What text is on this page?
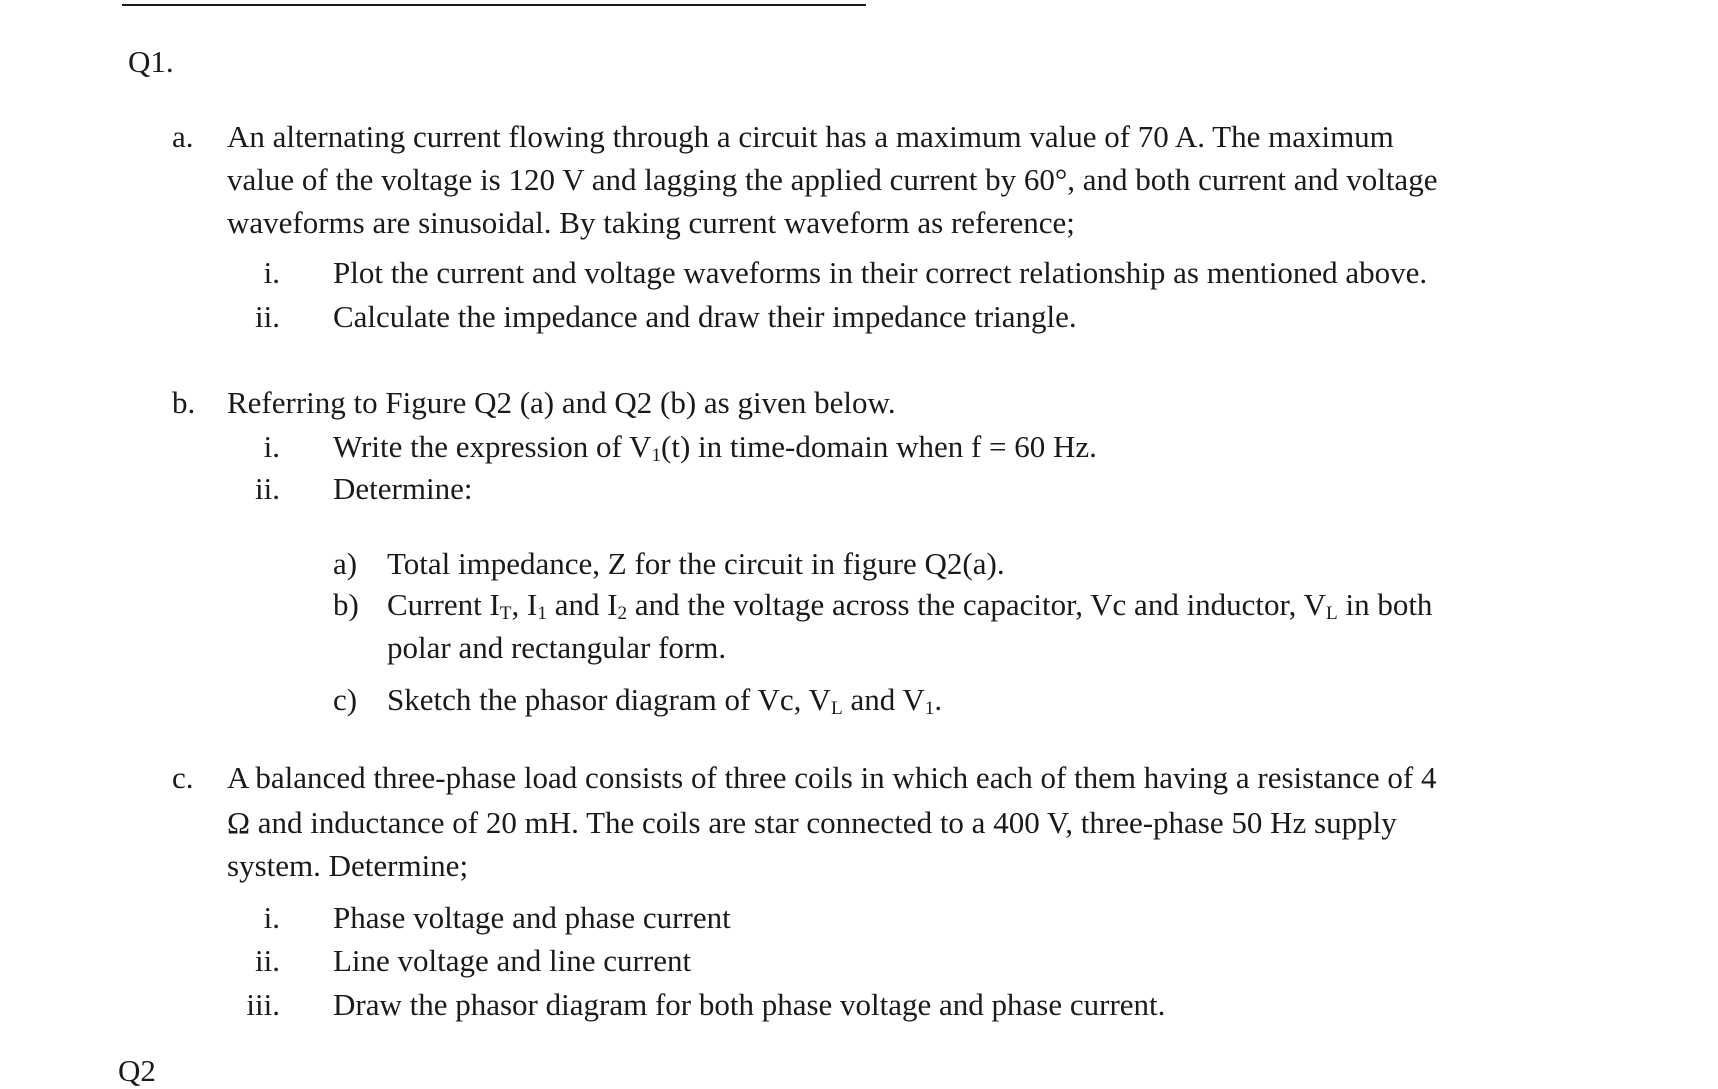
Q1.
a. An alternating current flowing through a circuit has a maximum value of 70 A. The maximum
value of the voltage is 120 V and lagging the applied current by 60°, and both current and voltage
waveforms are sinusoidal. By taking current waveform as reference;
i. Plot the current and voltage waveforms in their correct relationship as mentioned above.
ii. Calculate the impedance and draw their impedance triangle.
b. Referring to Figure Q2 (a) and Q2 (b) as given below.
i. Write the expression of $V_1(t)$ in time-domain when f = 60 Hz.
ii. Determine:
a) Total impedance, Z for the circuit in figure Q2(a).
b) Current $I_T$, $I_1$ and $I_2$ and the voltage across the capacitor, Vc and inductor, $V_L$ in both
polar and rectangular form.
c) Sketch the phasor diagram of Vc, $V_L$ and $V_1$.
c. A balanced three-phase load consists of three coils in which each of them having a resistance of 4
Ω and inductance of 20 mH. The coils are star connected to a 400 V, three-phase 50 Hz supply
system. Determine;
i. Phase voltage and phase current
ii. Line voltage and line current
iii. Draw the phasor diagram for both phase voltage and phase current.
Q2
